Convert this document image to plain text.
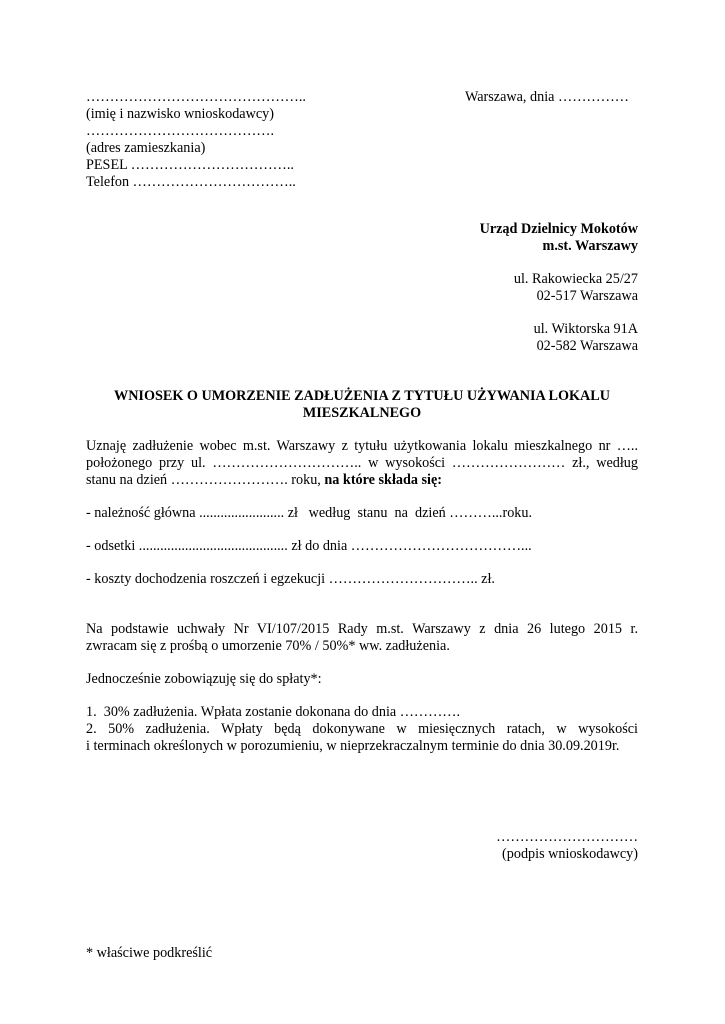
………………………………………..
(imię i nazwisko wnioskodawcy)
………………………………….
(adres zamieszkania)
PESEL ……………………………..
Telefon ……………………………..
Warszawa, dnia ……………
Urząd Dzielnicy Mokotów
m.st. Warszawy
ul. Rakowiecka 25/27
02-517 Warszawa
ul. Wiktorska 91A
02-582 Warszawa
WNIOSEK O UMORZENIE ZADŁUŻENIA Z TYTUŁU UŻYWANIA LOKALU
MIESZKALNEGO
Uznaję zadłużenie wobec m.st. Warszawy z tytułu użytkowania lokalu mieszkalnego nr …..
położonego przy ul. ………………………….. w wysokości …………………… zł., według
stanu na dzień ……………………. roku, na które składa się:
- należność główna ........................ zł   według  stanu  na  dzień ………...roku.
- odsetki .......................................... zł do dnia ………………………………...
- koszty dochodzenia roszczeń i egzekucji ………………………….. zł.
Na podstawie uchwały Nr VI/107/2015 Rady m.st. Warszawy z dnia 26 lutego 2015 r.
zwracam się z prośbą o umorzenie 70% / 50%* ww. zadłużenia.
Jednocześnie zobowiązuję się do spłaty*:
1.  30% zadłużenia. Wpłata zostanie dokonana do dnia ………….
2. 50% zadłużenia. Wpłaty będą dokonywane w miesięcznych ratach, w wysokości
i terminach określonych w porozumieniu, w nieprzekraczalnym terminie do dnia 30.09.2019r.
…………………………
(podpis wnioskodawcy)
* właściwe podkreślić
